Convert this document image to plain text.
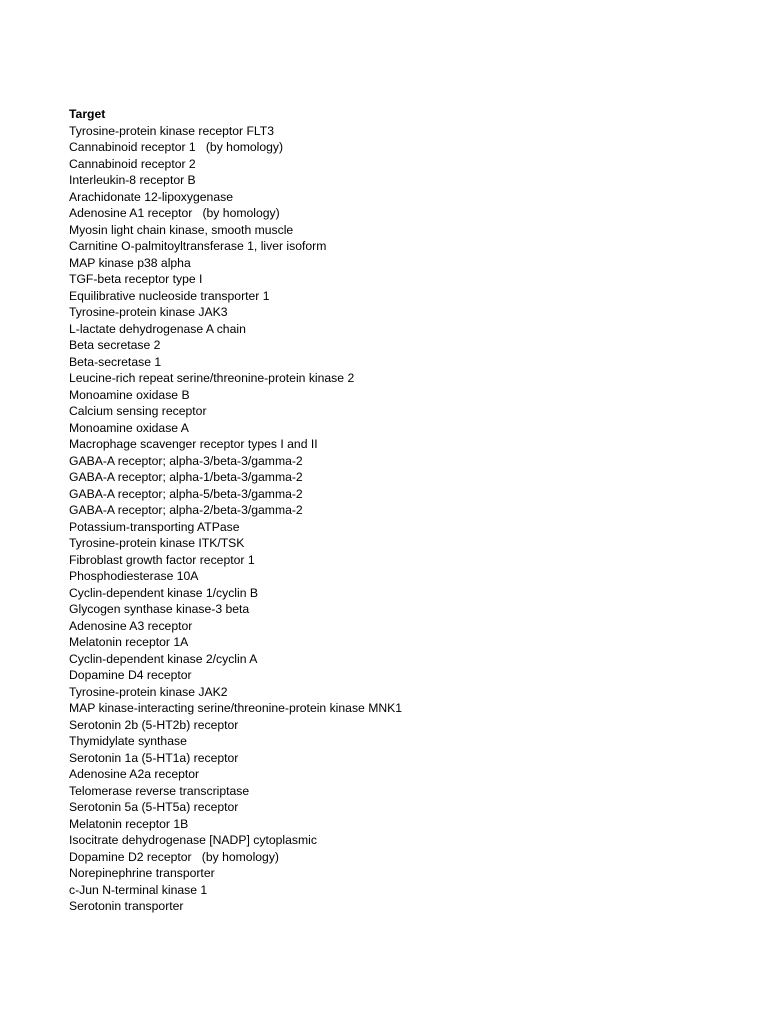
Target
Tyrosine-protein kinase receptor FLT3
Cannabinoid receptor 1   (by homology)
Cannabinoid receptor 2
Interleukin-8 receptor B
Arachidonate 12-lipoxygenase
Adenosine A1 receptor   (by homology)
Myosin light chain kinase, smooth muscle
Carnitine O-palmitoyltransferase 1, liver isoform
MAP kinase p38 alpha
TGF-beta receptor type I
Equilibrative nucleoside transporter 1
Tyrosine-protein kinase JAK3
L-lactate dehydrogenase A chain
Beta secretase 2
Beta-secretase 1
Leucine-rich repeat serine/threonine-protein kinase 2
Monoamine oxidase B
Calcium sensing receptor
Monoamine oxidase A
Macrophage scavenger receptor types I and II
GABA-A receptor; alpha-3/beta-3/gamma-2
GABA-A receptor; alpha-1/beta-3/gamma-2
GABA-A receptor; alpha-5/beta-3/gamma-2
GABA-A receptor; alpha-2/beta-3/gamma-2
Potassium-transporting ATPase
Tyrosine-protein kinase ITK/TSK
Fibroblast growth factor receptor 1
Phosphodiesterase 10A
Cyclin-dependent kinase 1/cyclin B
Glycogen synthase kinase-3 beta
Adenosine A3 receptor
Melatonin receptor 1A
Cyclin-dependent kinase 2/cyclin A
Dopamine D4 receptor
Tyrosine-protein kinase JAK2
MAP kinase-interacting serine/threonine-protein kinase MNK1
Serotonin 2b (5-HT2b) receptor
Thymidylate synthase
Serotonin 1a (5-HT1a) receptor
Adenosine A2a receptor
Telomerase reverse transcriptase
Serotonin 5a (5-HT5a) receptor
Melatonin receptor 1B
Isocitrate dehydrogenase [NADP] cytoplasmic
Dopamine D2 receptor   (by homology)
Norepinephrine transporter
c-Jun N-terminal kinase 1
Serotonin transporter
